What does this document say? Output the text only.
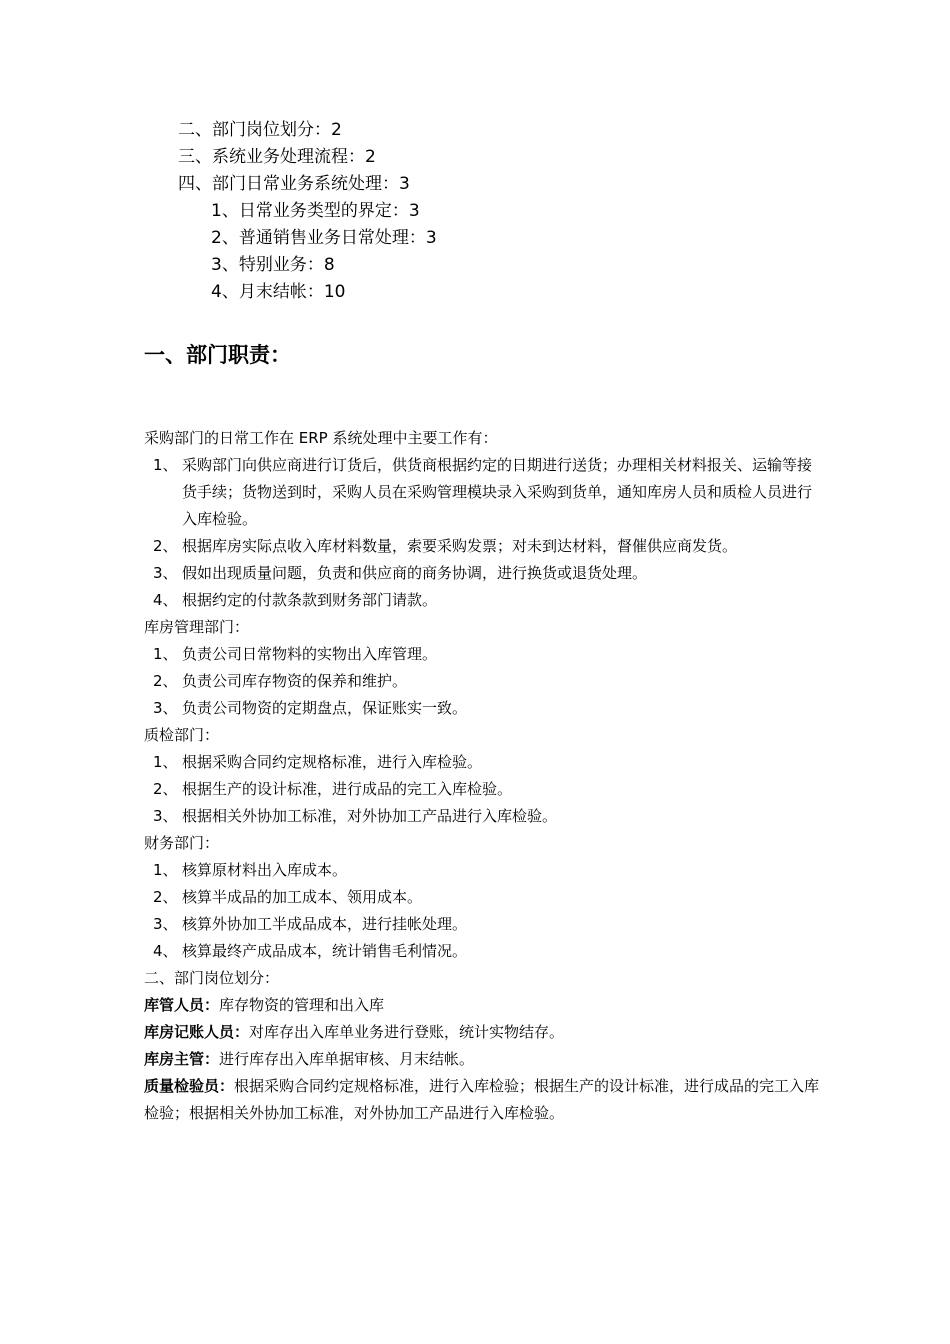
二、部门岗位划分：2
三、系统业务处理流程：2
四、部门日常业务系统处理：3
1、日常业务类型的界定：3
2、普通销售业务日常处理：3
3、特别业务：8
4、月末结帐：10
一、部门职责：
采购部门的日常工作在 ERP 系统处理中主要工作有：
1、 采购部门向供应商进行订货后，供货商根据约定的日期进行送货；办理相关材料报关、运输等接货手续；货物送到时，采购人员在采购管理模块录入采购到货单，通知库房人员和质检人员进行入库检验。
2、 根据库房实际点收入库材料数量，索要采购发票；对未到达材料，督催供应商发货。
3、 假如出现质量问题，负责和供应商的商务协调，进行换货或退货处理。
4、 根据约定的付款条款到财务部门请款。
库房管理部门：
1、 负责公司日常物料的实物出入库管理。
2、 负责公司库存物资的保养和维护。
3、 负责公司物资的定期盘点，保证账实一致。
质检部门：
1、 根据采购合同约定规格标准，进行入库检验。
2、 根据生产的设计标准，进行成品的完工入库检验。
3、 根据相关外协加工标准，对外协加工产品进行入库检验。
财务部门：
1、 核算原材料出入库成本。
2、 核算半成品的加工成本、领用成本。
3、 核算外协加工半成品成本，进行挂帐处理。
4、 核算最终产成品成本，统计销售毛利情况。
二、部门岗位划分：
库管人员：库存物资的管理和出入库
库房记账人员：对库存出入库单业务进行登账，统计实物结存。
库房主管：进行库存出入库单据审核、月末结帐。
质量检验员：根据采购合同约定规格标准，进行入库检验；根据生产的设计标准，进行成品的完工入库检验；根据相关外协加工标准，对外协加工产品进行入库检验。
